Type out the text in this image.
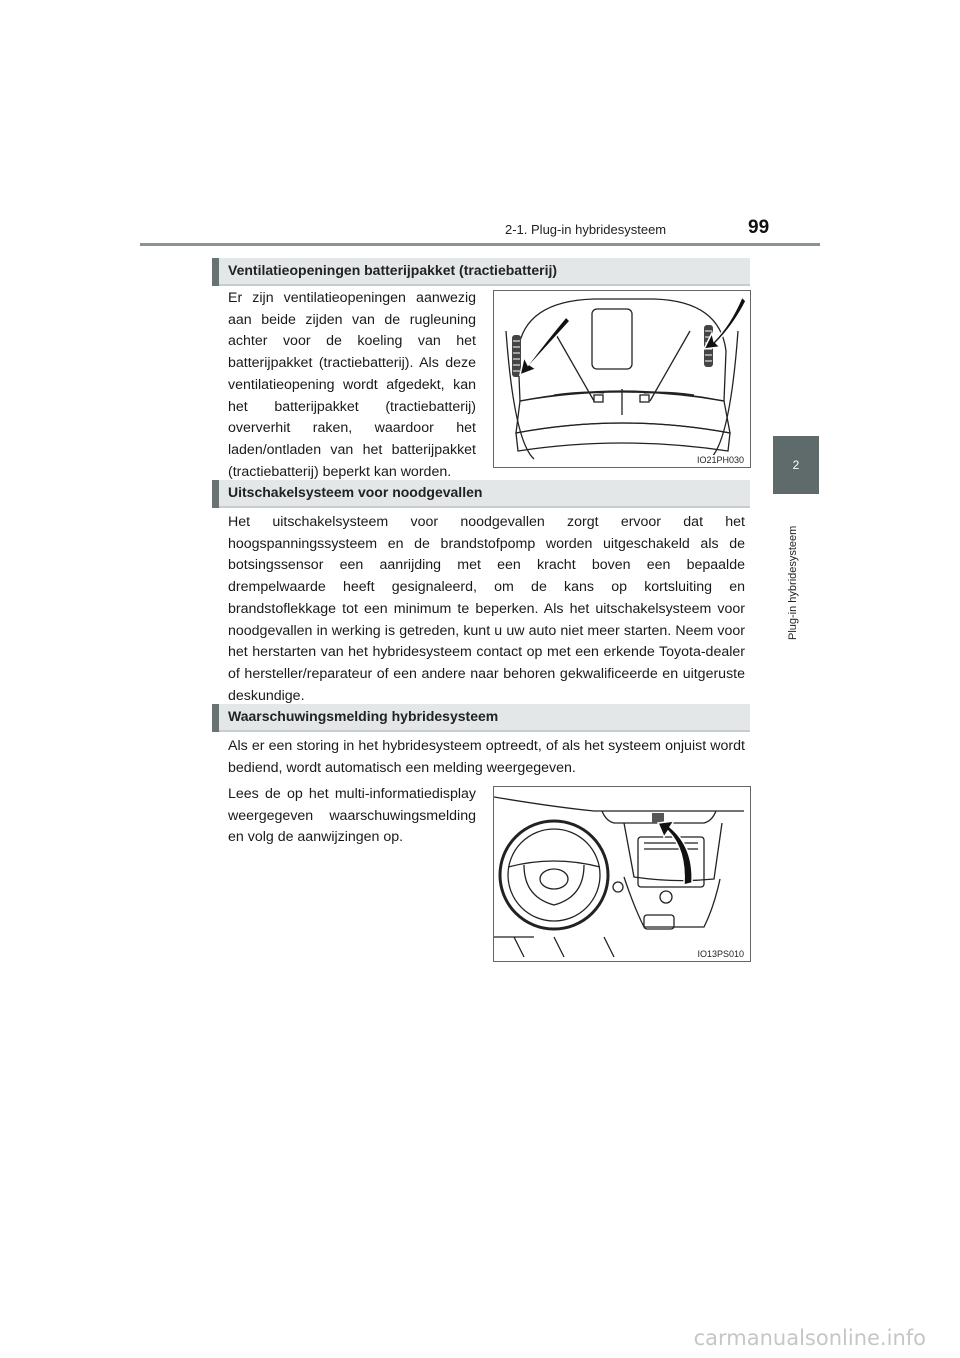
2-1. Plug-in hybridesysteem	99
2
Plug-in hybridesysteem
Ventilatieopeningen batterijpakket (tractiebatterij)
Er zijn ventilatieopeningen aanwezig aan beide zijden van de rugleuning achter voor de koeling van het batterijpakket (tractiebatterij). Als deze ventilatieopening wordt afgedekt, kan het batterijpakket (tractiebatterij) oververhit raken, waardoor het laden/ontladen van het batterijpakket (tractiebatterij) beperkt kan worden.
IO21PH030
Uitschakelsysteem voor noodgevallen
Het uitschakelsysteem voor noodgevallen zorgt ervoor dat het hoogspanningssysteem en de brandstofpomp worden uitgeschakeld als de botsingssensor een aanrijding met een kracht boven een bepaalde drempelwaarde heeft gesignaleerd, om de kans op kortsluiting en brandstoflekkage tot een minimum te beperken. Als het uitschakelsysteem voor noodgevallen in werking is getreden, kunt u uw auto niet meer starten. Neem voor het herstarten van het hybridesysteem contact op met een erkende Toyota-dealer of hersteller/reparateur of een andere naar behoren gekwalificeerde en uitgeruste deskundige.
Waarschuwingsmelding hybridesysteem
Als er een storing in het hybridesysteem optreedt, of als het systeem onjuist wordt bediend, wordt automatisch een melding weergegeven.
Lees de op het multi-informatiedisplay weergegeven waarschuwingsmelding en volg de aanwijzingen op.
IO13PS010
carmanualsonline.info
